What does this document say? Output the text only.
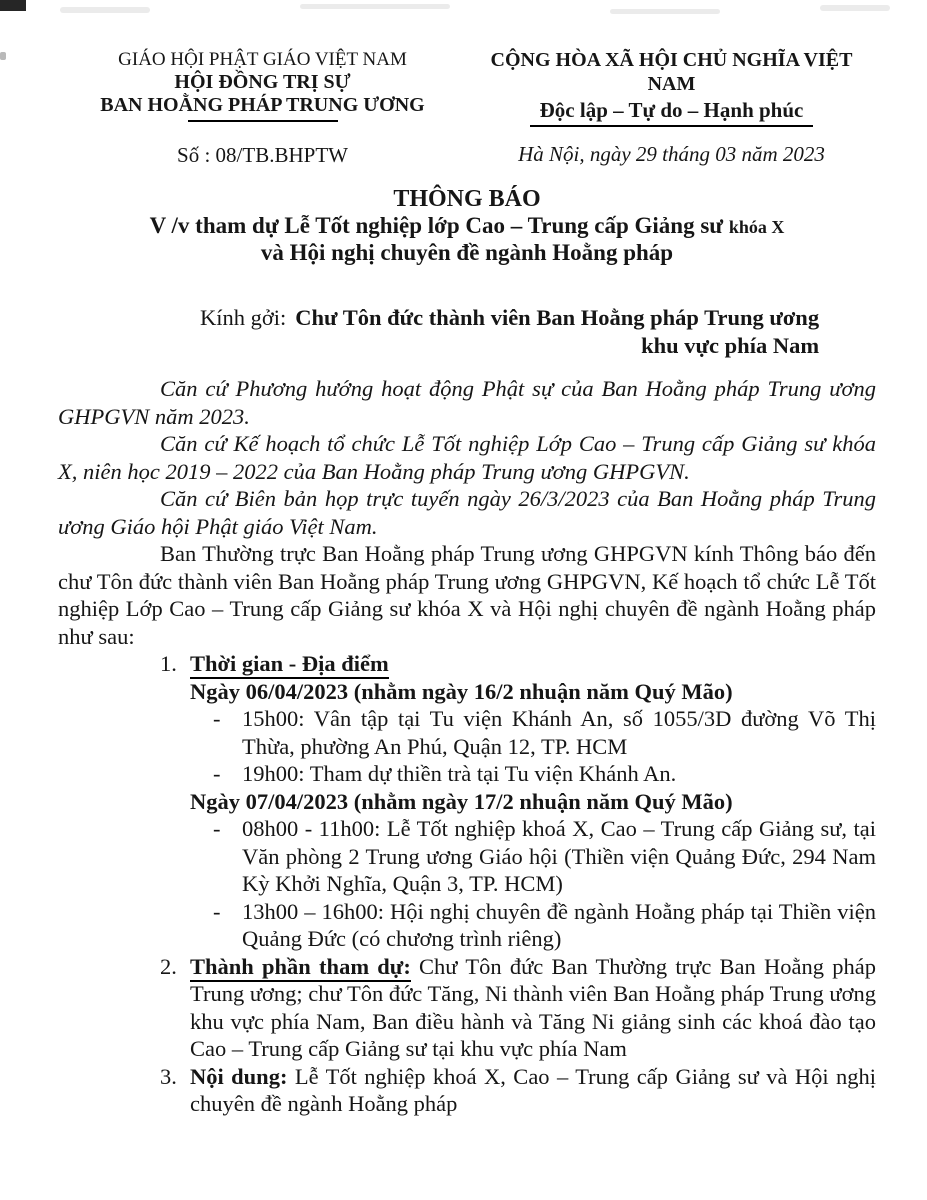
GIÁO HỘI PHẬT GIÁO VIỆT NAM
HỘI ĐỒNG TRỊ SỰ
BAN HOẰNG PHÁP TRUNG ƯƠNG
Số : 08/TB.BHPTW
CỘNG HÒA XÃ HỘI CHỦ NGHĨA VIỆT NAM
Độc lập – Tự do – Hạnh phúc
Hà Nội, ngày 29 tháng 03 năm 2023
THÔNG BÁO
V /v tham dự Lễ Tốt nghiệp lớp Cao – Trung cấp Giảng sư khóa X
và Hội nghị chuyên đề ngành Hoằng pháp
Kính gởi: Chư Tôn đức thành viên Ban Hoằng pháp Trung ương
khu vực phía Nam

Căn cứ Phương hướng hoạt động Phật sự của Ban Hoằng pháp Trung ương GHPGVN năm 2023.

Căn cứ Kế hoạch tổ chức Lễ Tốt nghiệp Lớp Cao – Trung cấp Giảng sư khóa X, niên học 2019 – 2022 của Ban Hoằng pháp Trung ương GHPGVN.

Căn cứ Biên bản họp trực tuyến ngày 26/3/2023 của Ban Hoằng pháp Trung ương Giáo hội Phật giáo Việt Nam.

Ban Thường trực Ban Hoằng pháp Trung ương GHPGVN kính Thông báo đến chư Tôn đức thành viên Ban Hoằng pháp Trung ương GHPGVN, Kế hoạch tổ chức Lễ Tốt nghiệp Lớp Cao – Trung cấp Giảng sư khóa X và Hội nghị chuyên đề ngành Hoằng pháp như sau:

1. Thời gian - Địa điểm
Ngày 06/04/2023 (nhằm ngày 16/2 nhuận năm Quý Mão)
- 15h00: Vân tập tại Tu viện Khánh An, số 1055/3D đường Võ Thị Thừa, phường An Phú, Quận 12, TP. HCM
- 19h00: Tham dự thiền trà tại Tu viện Khánh An.
Ngày 07/04/2023 (nhằm ngày 17/2 nhuận năm Quý Mão)
- 08h00 - 11h00: Lễ Tốt nghiệp khoá X, Cao – Trung cấp Giảng sư, tại Văn phòng 2 Trung ương Giáo hội (Thiền viện Quảng Đức, 294 Nam Kỳ Khởi Nghĩa, Quận 3, TP. HCM)
- 13h00 – 16h00: Hội nghị chuyên đề ngành Hoằng pháp tại Thiền viện Quảng Đức (có chương trình riêng)
2. Thành phần tham dự: Chư Tôn đức Ban Thường trực Ban Hoằng pháp Trung ương; chư Tôn đức Tăng, Ni thành viên Ban Hoằng pháp Trung ương khu vực phía Nam, Ban điều hành và Tăng Ni giảng sinh các khoá đào tạo Cao – Trung cấp Giảng sư tại khu vực phía Nam
3. Nội dung: Lễ Tốt nghiệp khoá X, Cao – Trung cấp Giảng sư và Hội nghị chuyên đề ngành Hoằng pháp
